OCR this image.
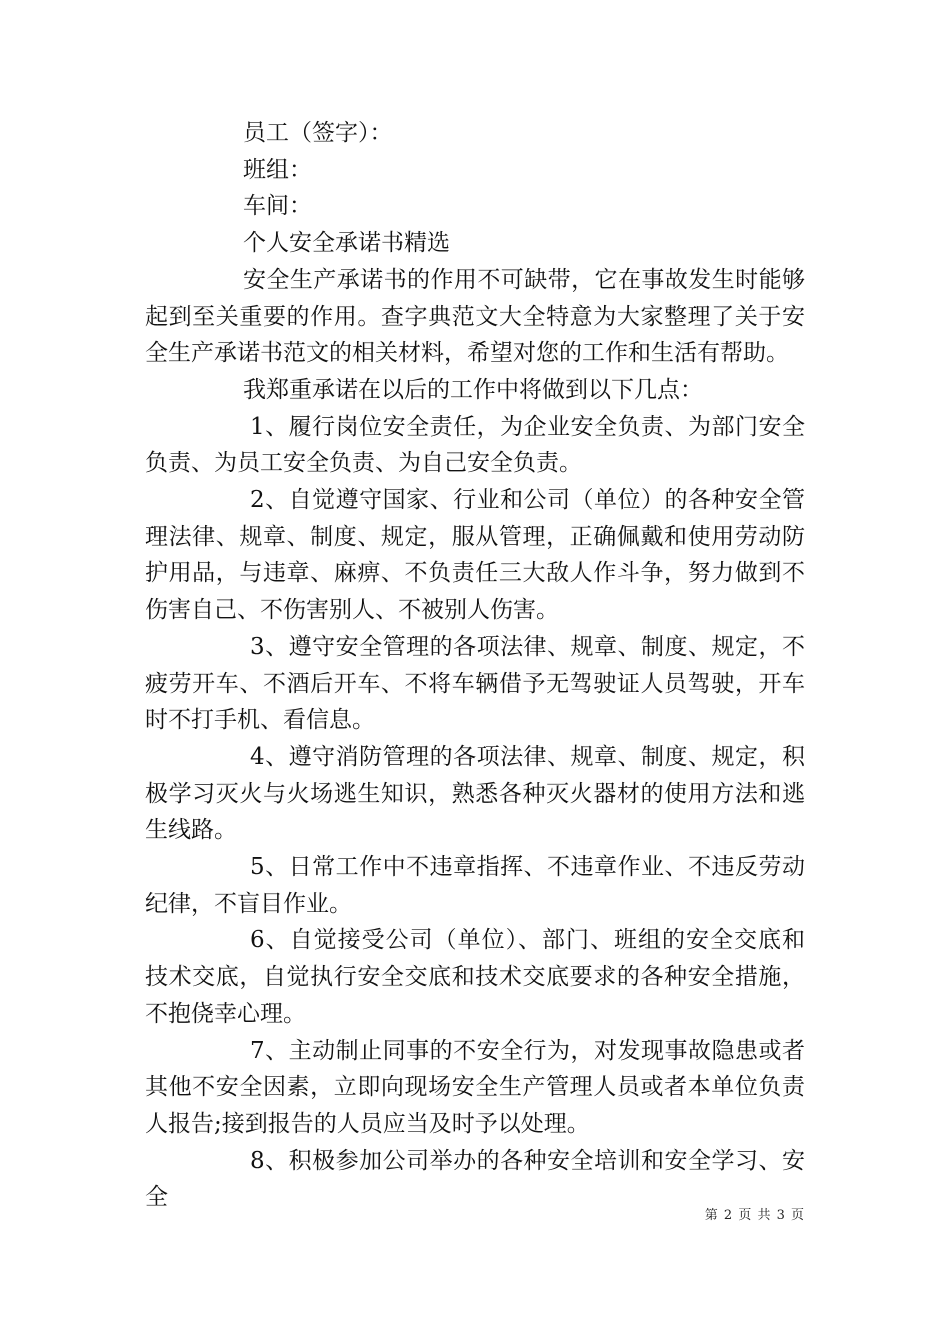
员工（签字）：

班组：

车间：

个人安全承诺书精选

安全生产承诺书的作用不可缺带，它在事故发生时能够起到至关重要的作用。查字典范文大全特意为大家整理了关于安全生产承诺书范文的相关材料，希望对您的工作和生活有帮助。

我郑重承诺在以后的工作中将做到以下几点：

1、履行岗位安全责任，为企业安全负责、为部门安全负责、为员工安全负责、为自己安全负责。

2、自觉遵守国家、行业和公司（单位）的各种安全管理法律、规章、制度、规定，服从管理，正确佩戴和使用劳动防护用品，与违章、麻痹、不负责任三大敌人作斗争，努力做到不伤害自己、不伤害别人、不被别人伤害。

3、遵守安全管理的各项法律、规章、制度、规定，不疲劳开车、不酒后开车、不将车辆借予无驾驶证人员驾驶，开车时不打手机、看信息。

4、遵守消防管理的各项法律、规章、制度、规定，积极学习灭火与火场逃生知识，熟悉各种灭火器材的使用方法和逃生线路。

5、日常工作中不违章指挥、不违章作业、不违反劳动纪律，不盲目作业。

6、自觉接受公司（单位）、部门、班组的安全交底和技术交底，自觉执行安全交底和技术交底要求的各种安全措施，不抱侥幸心理。

7、主动制止同事的不安全行为，对发现事故隐患或者其他不安全因素，立即向现场安全生产管理人员或者本单位负责人报告;接到报告的人员应当及时予以处理。

8、积极参加公司举办的各种安全培训和安全学习、安全

第 2 页 共 3 页
